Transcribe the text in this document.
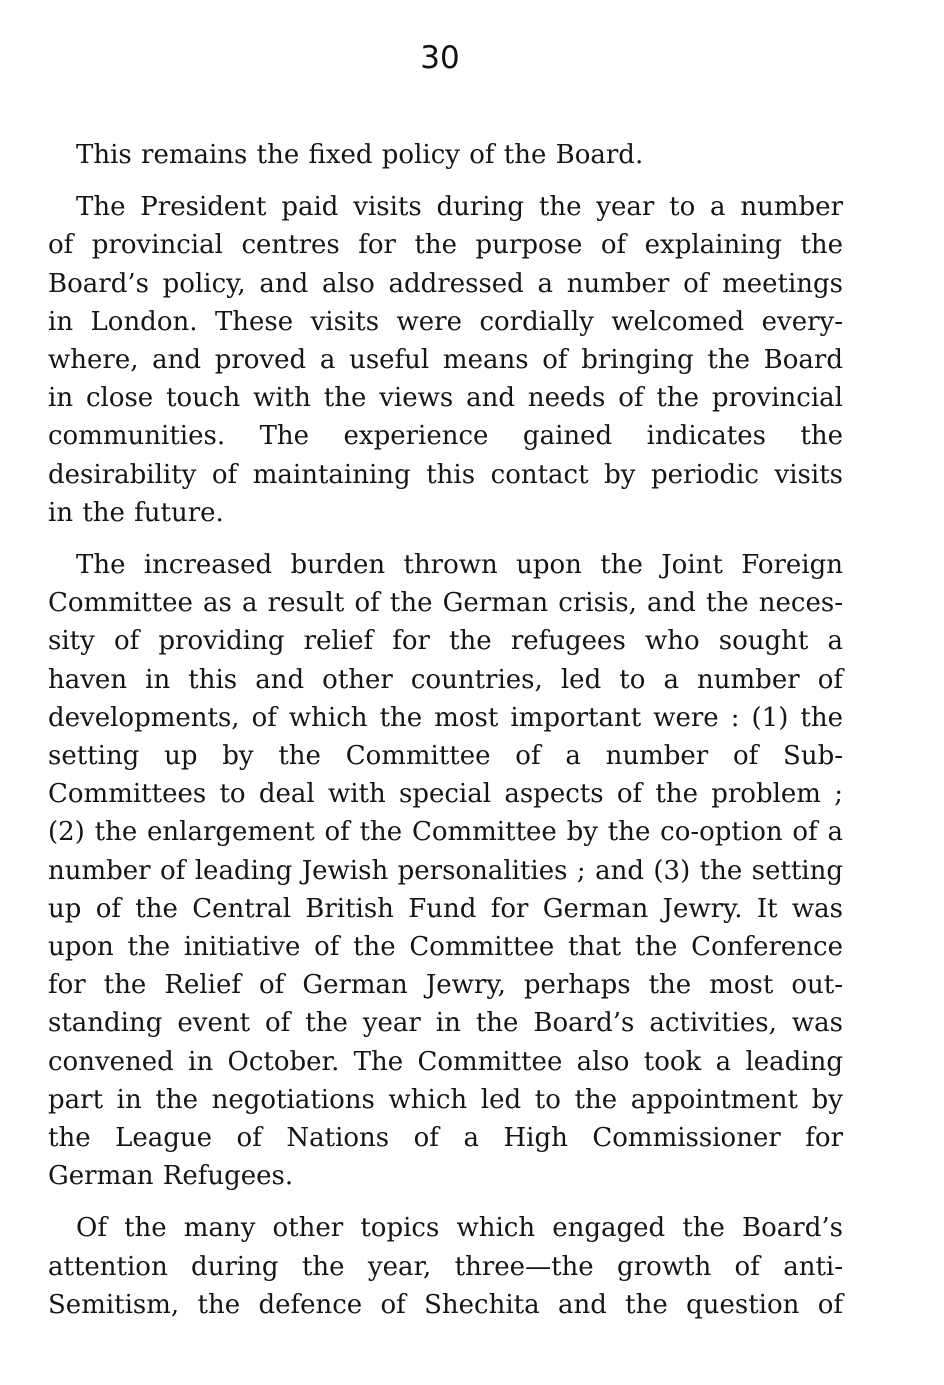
30

This remains the fixed policy of the Board.

The President paid visits during the year to a number
of provincial centres for the purpose of explaining the
Board’s policy, and also addressed a number of meetings
in London. These visits were cordially welcomed every-
where, and proved a useful means of bringing the Board
in close touch with the views and needs of the provincial
communities. The experience gained indicates the
desirability of maintaining this contact by periodic visits
in the future.

The increased burden thrown upon the Joint Foreign
Committee as a result of the German crisis, and the neces-
sity of providing relief for the refugees who sought a
haven in this and other countries, led to a number of
developments, of which the most important were : (1) the
setting up by the Committee of a number of Sub-
Committees to deal with special aspects of the problem ;
(2) the enlargement of the Committee by the co-option of a
number of leading Jewish personalities ; and (3) the setting
up of the Central British Fund for German Jewry. It was
upon the initiative of the Committee that the Conference
for the Relief of German Jewry, perhaps the most out-
standing event of the year in the Board’s activities, was
convened in October. The Committee also took a leading
part in the negotiations which led to the appointment by
the League of Nations of a High Commissioner for
German Refugees.

Of the many other topics which engaged the Board’s
attention during the year, three—the growth of anti-
Semitism, the defence of Shechita and the question of
